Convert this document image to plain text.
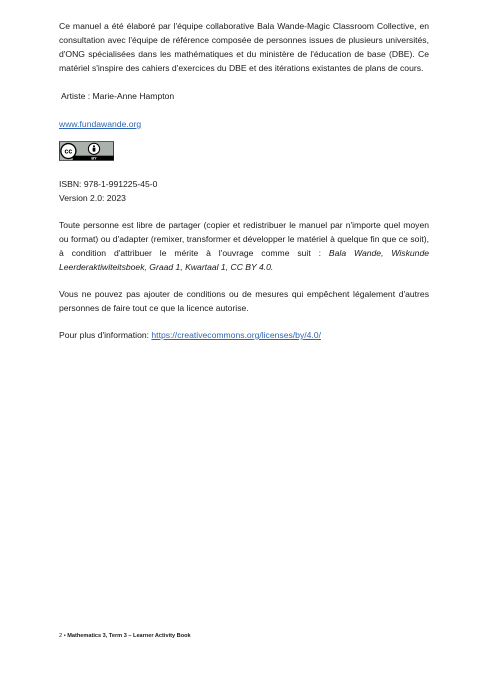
Ce manuel a été élaboré par l'équipe collaborative Bala Wande-Magic Classroom Collective, en consultation avec l'équipe de référence composée de personnes issues de plusieurs universités, d'ONG spécialisées dans les mathématiques et du ministère de l'éducation de base (DBE). Ce matériel s'inspire des cahiers d'exercices du DBE et des itérations existantes de plans de cours.

Artiste : Marie-Anne Hampton

www.fundawande.org

cc
BY

ISBN: 978-1-991225-45-0

Version 2.0: 2023

Toute personne est libre de partager (copier et redistribuer le manuel par n'importe quel moyen ou format) ou d'adapter (remixer, transformer et développer le matériel à quelque fin que ce soit), à condition d'attribuer le mérite à l'ouvrage comme suit : Bala Wande, Wiskunde Leerderaktiwiteitsboek, Graad 1, Kwartaal 1, CC BY 4.0.

Vous ne pouvez pas ajouter de conditions ou de mesures qui empêchent légalement d'autres personnes de faire tout ce que la licence autorise.

Pour plus d'information: https://creativecommons.org/licenses/by/4.0/

2 • Mathematics 3, Term 3 – Learner Activity Book
